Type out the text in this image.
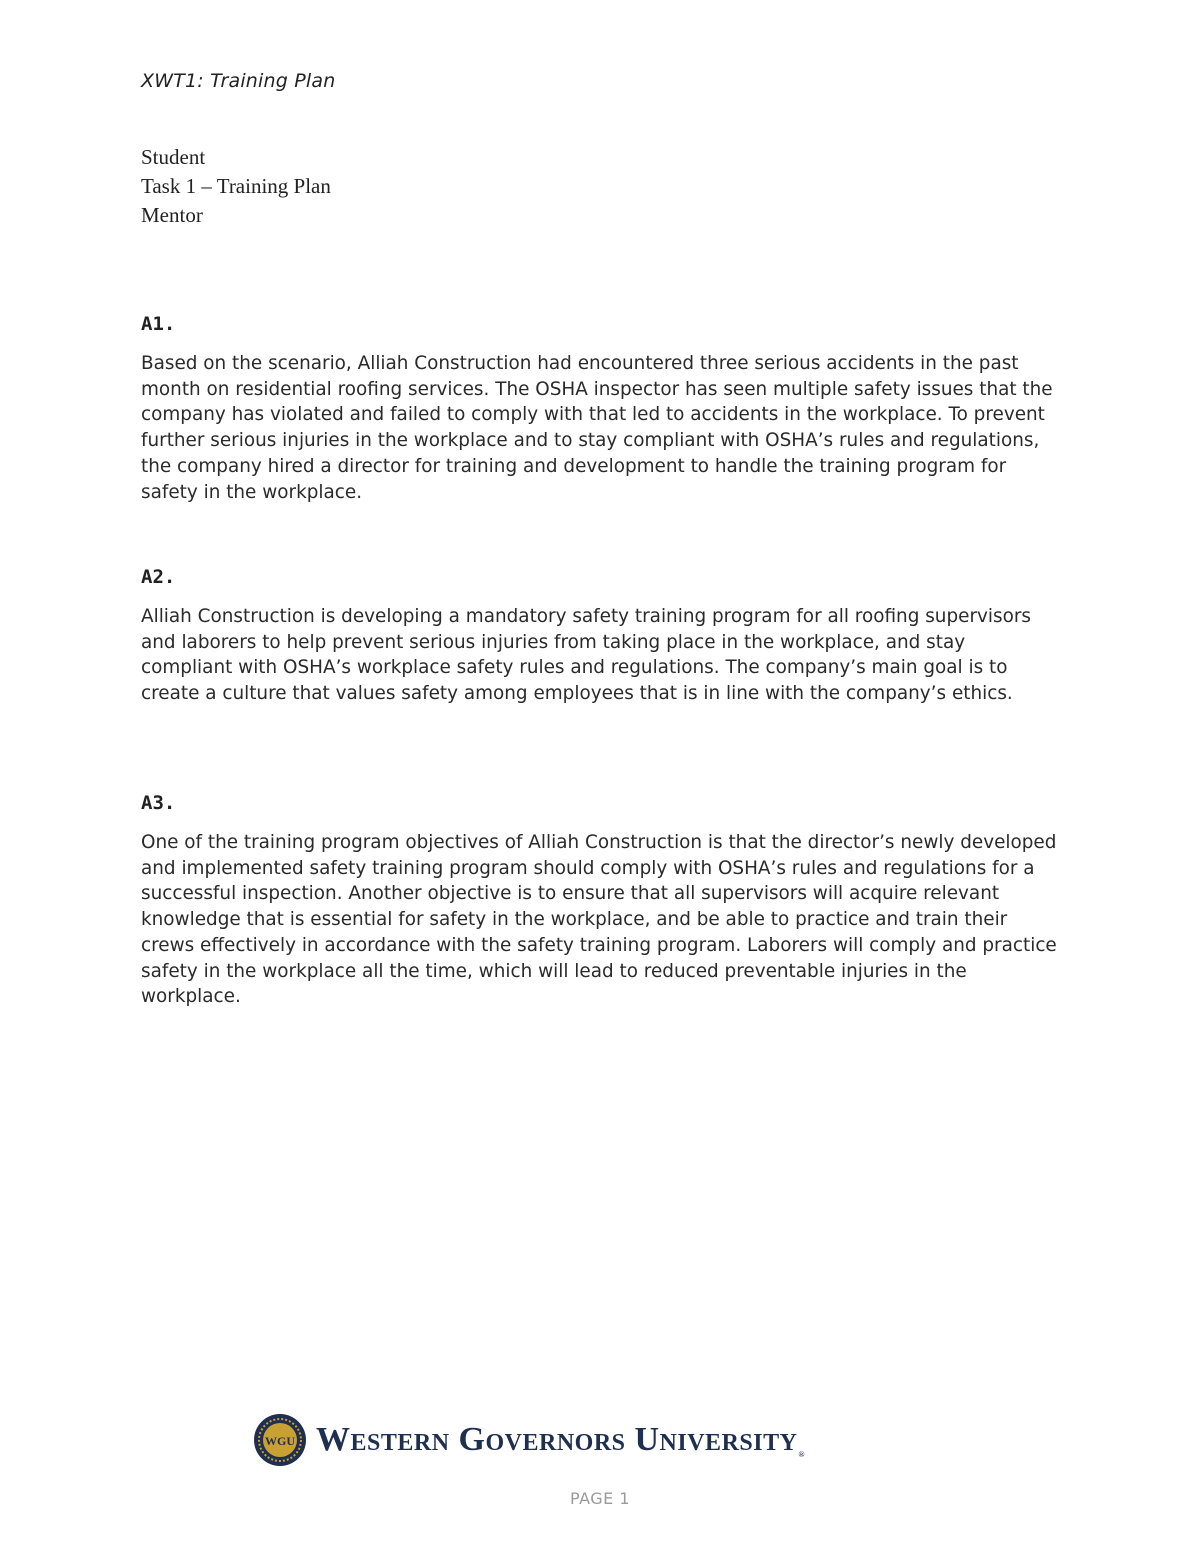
XWT1: Training Plan
Student
Task 1 – Training Plan
Mentor
A1.

Based on the scenario, Alliah Construction had encountered three serious accidents in the past month on residential roofing services. The OSHA inspector has seen multiple safety issues that the company has violated and failed to comply with that led to accidents in the workplace. To prevent further serious injuries in the workplace and to stay compliant with OSHA’s rules and regulations, the company hired a director for training and development to handle the training program for safety in the workplace.

A2.

Alliah Construction is developing a mandatory safety training program for all roofing supervisors and laborers to help prevent serious injuries from taking place in the workplace, and stay compliant with OSHA’s workplace safety rules and regulations. The company’s main goal is to create a culture that values safety among employees that is in line with the company’s ethics.

A3.

One of the training program objectives of Alliah Construction is that the director’s newly developed and implemented safety training program should comply with OSHA’s rules and regulations for a successful inspection. Another objective is to ensure that all supervisors will acquire relevant knowledge that is essential for safety in the workplace, and be able to practice and train their crews effectively in accordance with the safety training program. Laborers will comply and practice safety in the workplace all the time, which will lead to reduced preventable injuries in the workplace.

WGU Western Governors University®
PAGE 1
